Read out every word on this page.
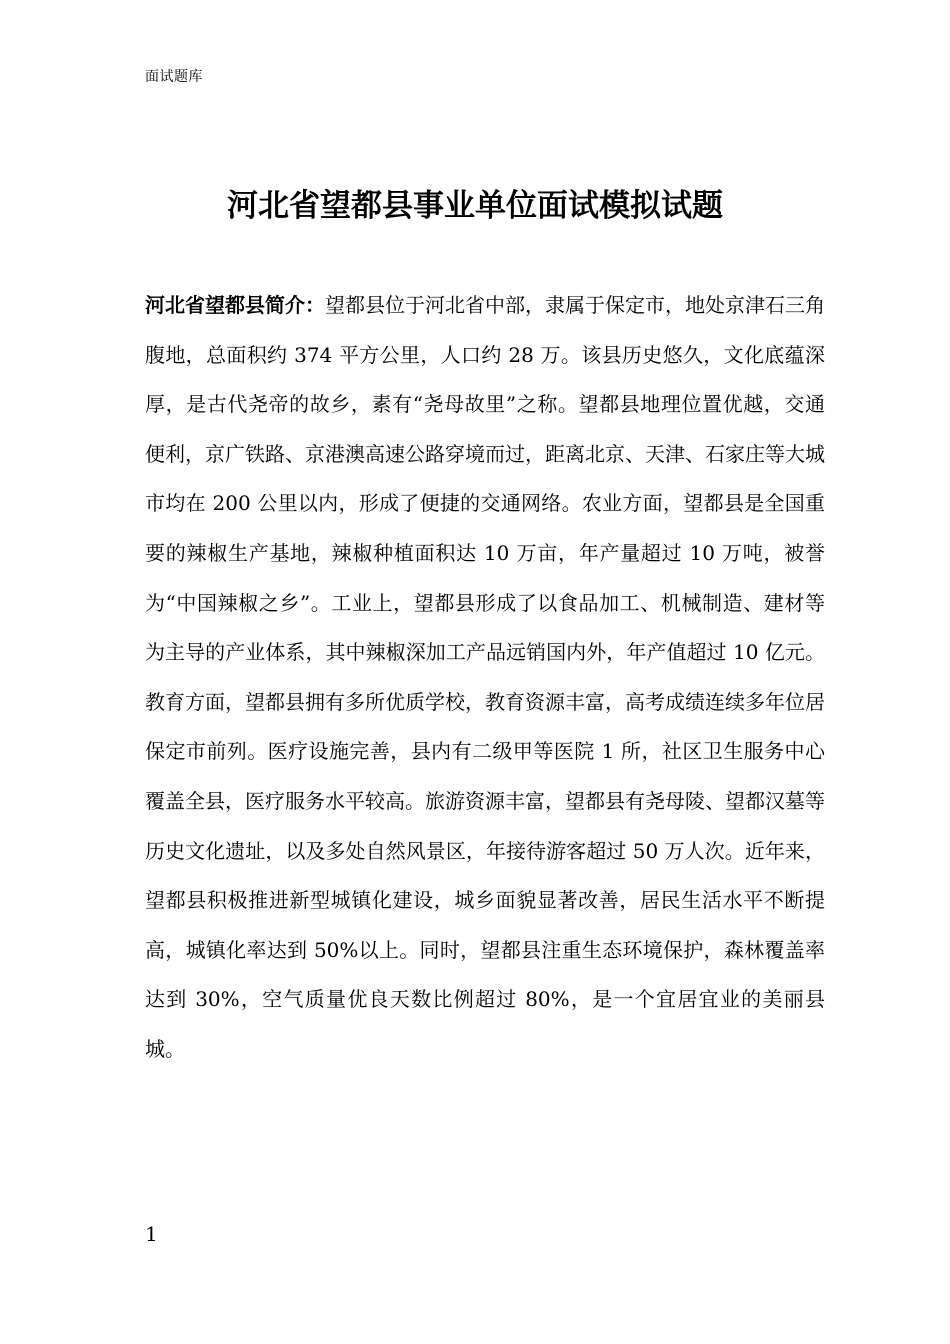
面试题库
河北省望都县事业单位面试模拟试题

河北省望都县简介：望都县位于河北省中部，隶属于保定市，地处京津石三角腹地，总面积约 374 平方公里，人口约 28 万。该县历史悠久，文化底蕴深厚，是古代尧帝的故乡，素有“尧母故里”之称。望都县地理位置优越，交通便利，京广铁路、京港澳高速公路穿境而过，距离北京、天津、石家庄等大城市均在 200 公里以内，形成了便捷的交通网络。农业方面，望都县是全国重要的辣椒生产基地，辣椒种植面积达 10 万亩，年产量超过 10 万吨，被誉为“中国辣椒之乡”。工业上，望都县形成了以食品加工、机械制造、建材等为主导的产业体系，其中辣椒深加工产品远销国内外，年产值超过 10 亿元。教育方面，望都县拥有多所优质学校，教育资源丰富，高考成绩连续多年位居保定市前列。医疗设施完善，县内有二级甲等医院 1 所，社区卫生服务中心覆盖全县，医疗服务水平较高。旅游资源丰富，望都县有尧母陵、望都汉墓等历史文化遗址，以及多处自然风景区，年接待游客超过 50 万人次。近年来，望都县积极推进新型城镇化建设，城乡面貌显著改善，居民生活水平不断提高，城镇化率达到 50%以上。同时，望都县注重生态环境保护，森林覆盖率达到 30%，空气质量优良天数比例超过 80%，是一个宜居宜业的美丽县城。

1
